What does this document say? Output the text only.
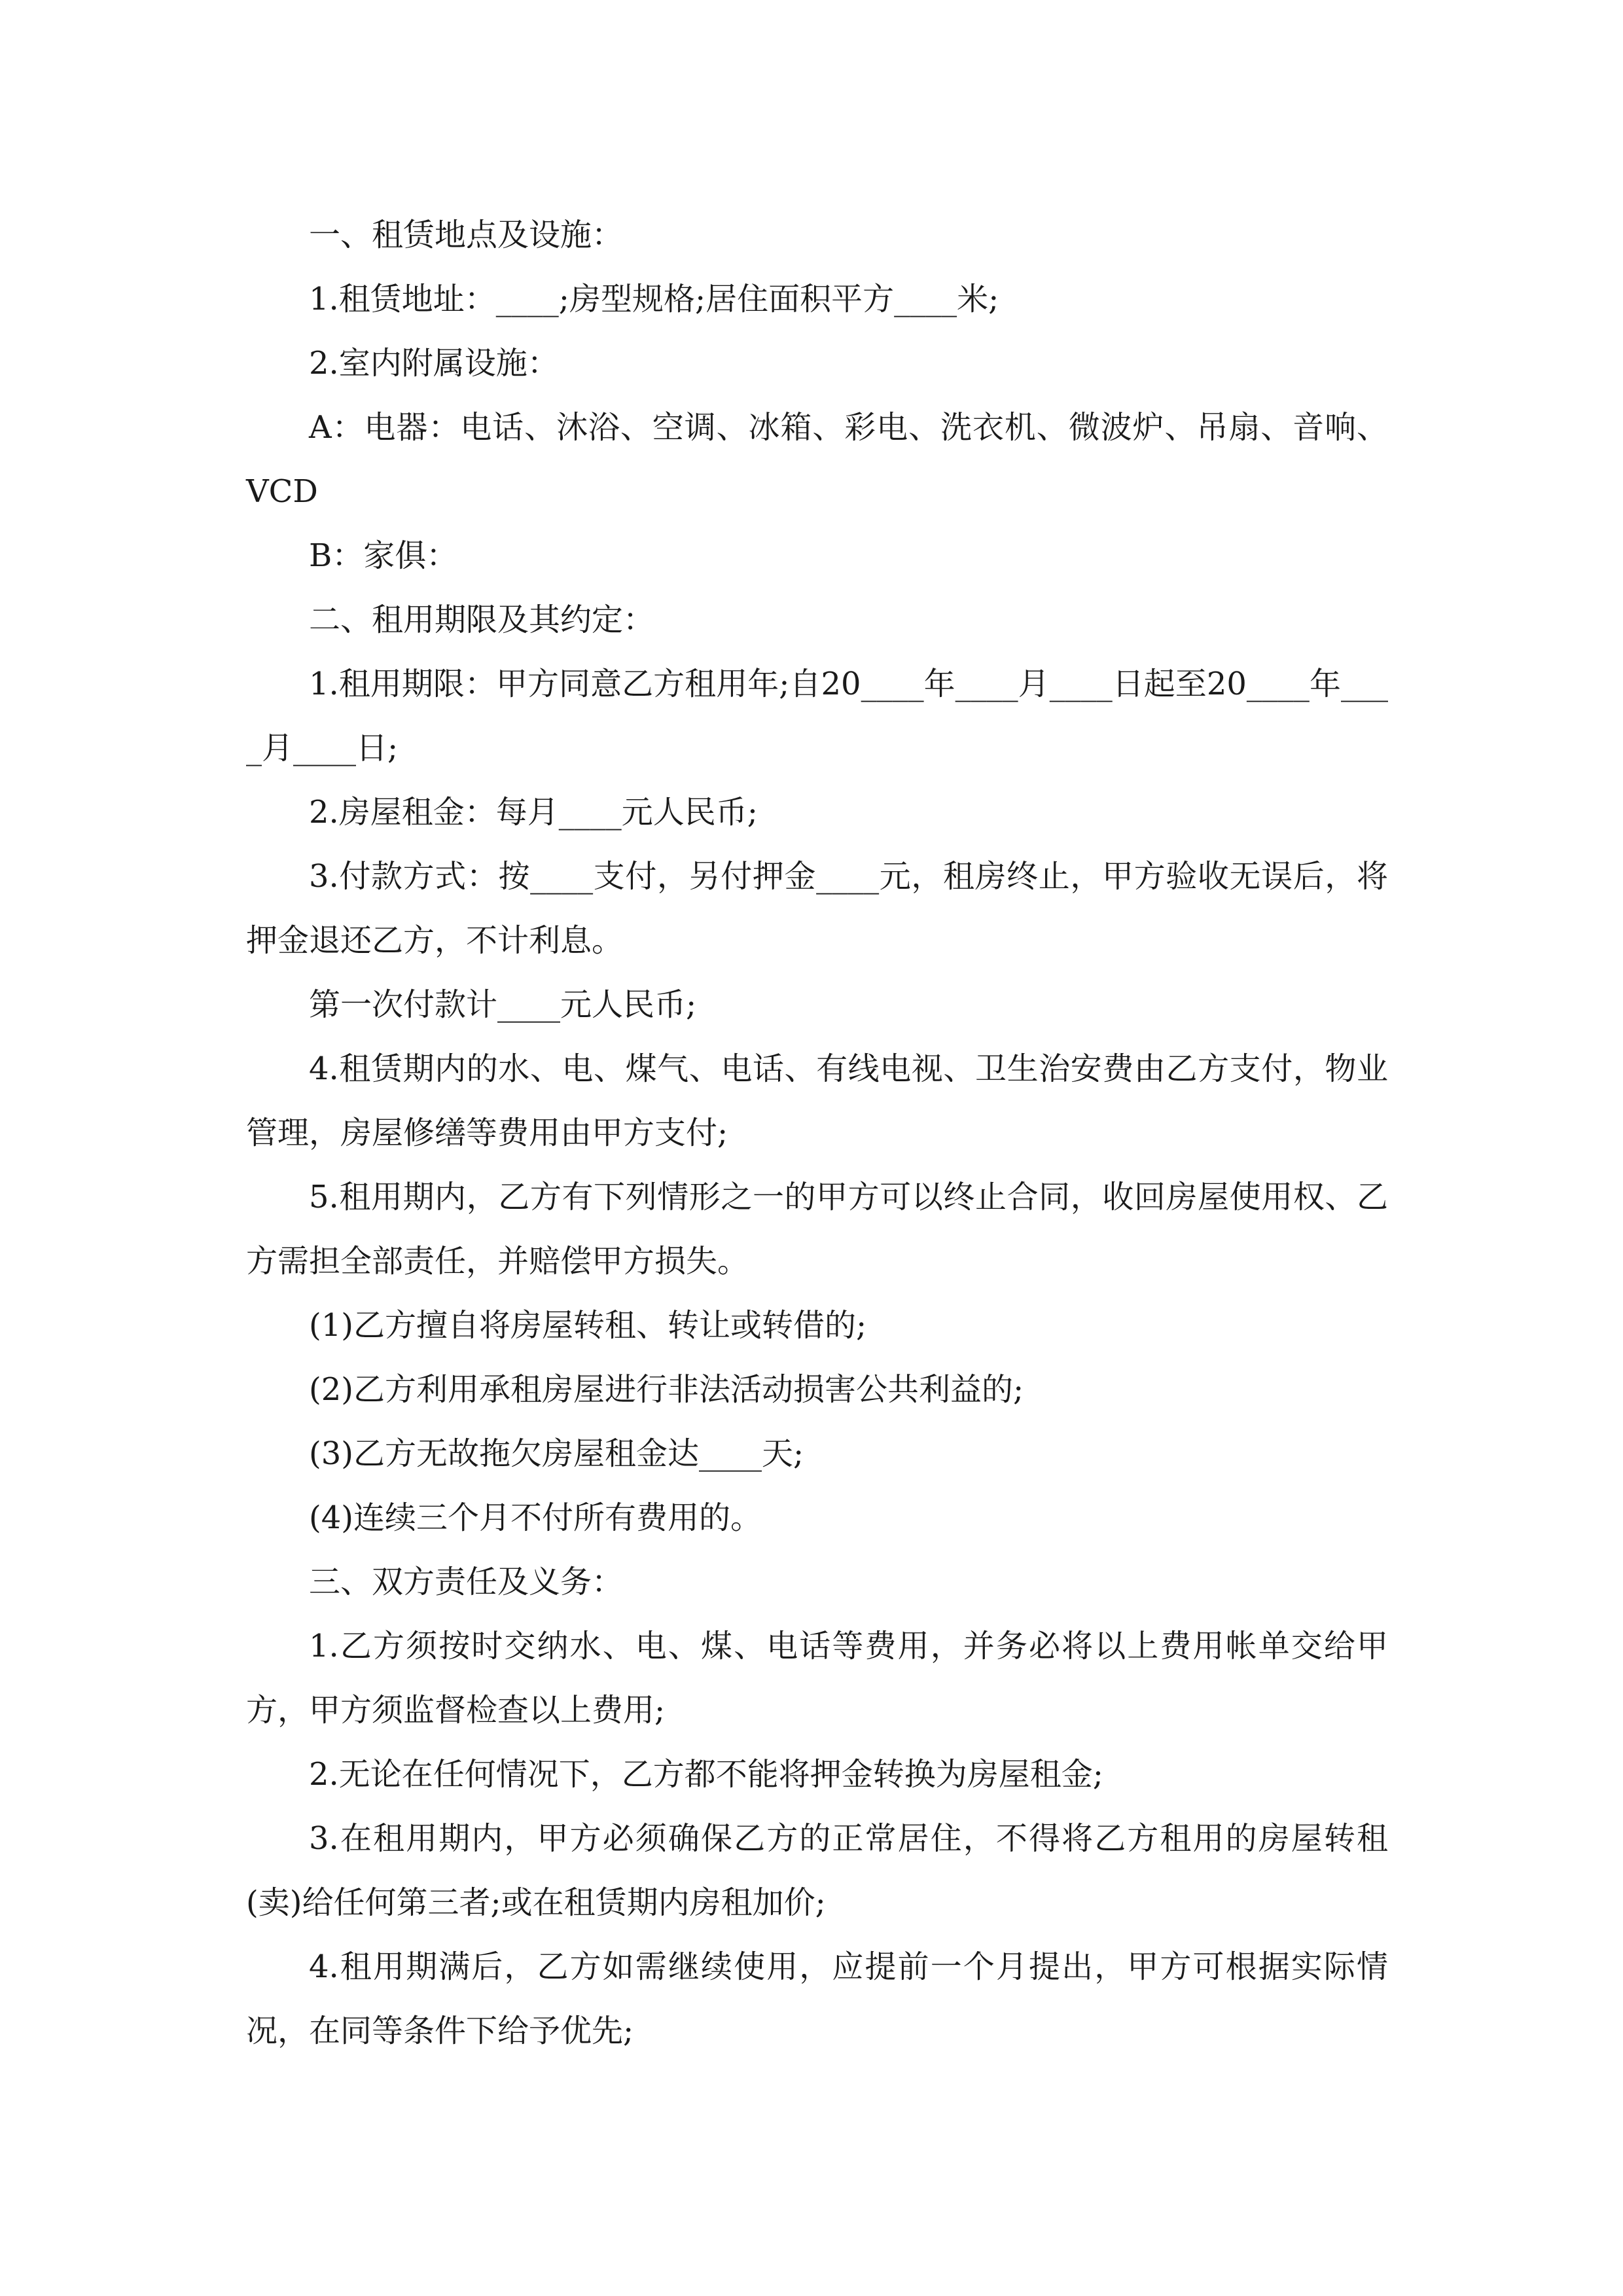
一、租赁地点及设施：

1.租赁地址：____;房型规格;居住面积平方____米;

2.室内附属设施：

A：电器：电话、沐浴、空调、冰箱、彩电、洗衣机、微波炉、吊扇、音响、VCD

B：家俱：

二、租用期限及其约定：

1.租用期限：甲方同意乙方租用年;自20____年____月____日起至20____年____月____日;

2.房屋租金：每月____元人民币;

3.付款方式：按____支付，另付押金____元，租房终止，甲方验收无误后，将押金退还乙方，不计利息。

第一次付款计____元人民币;

4.租赁期内的水、电、煤气、电话、有线电视、卫生治安费由乙方支付，物业管理，房屋修缮等费用由甲方支付;

5.租用期内，乙方有下列情形之一的甲方可以终止合同，收回房屋使用权、乙方需担全部责任，并赔偿甲方损失。

(1)乙方擅自将房屋转租、转让或转借的;

(2)乙方利用承租房屋进行非法活动损害公共利益的;

(3)乙方无故拖欠房屋租金达____天;

(4)连续三个月不付所有费用的。

三、双方责任及义务：

1.乙方须按时交纳水、电、煤、电话等费用，并务必将以上费用帐单交给甲方，甲方须监督检查以上费用;

2.无论在任何情况下，乙方都不能将押金转换为房屋租金;

3.在租用期内，甲方必须确保乙方的正常居住，不得将乙方租用的房屋转租(卖)给任何第三者;或在租赁期内房租加价;

4.租用期满后，乙方如需继续使用，应提前一个月提出，甲方可根据实际情况，在同等条件下给予优先;
